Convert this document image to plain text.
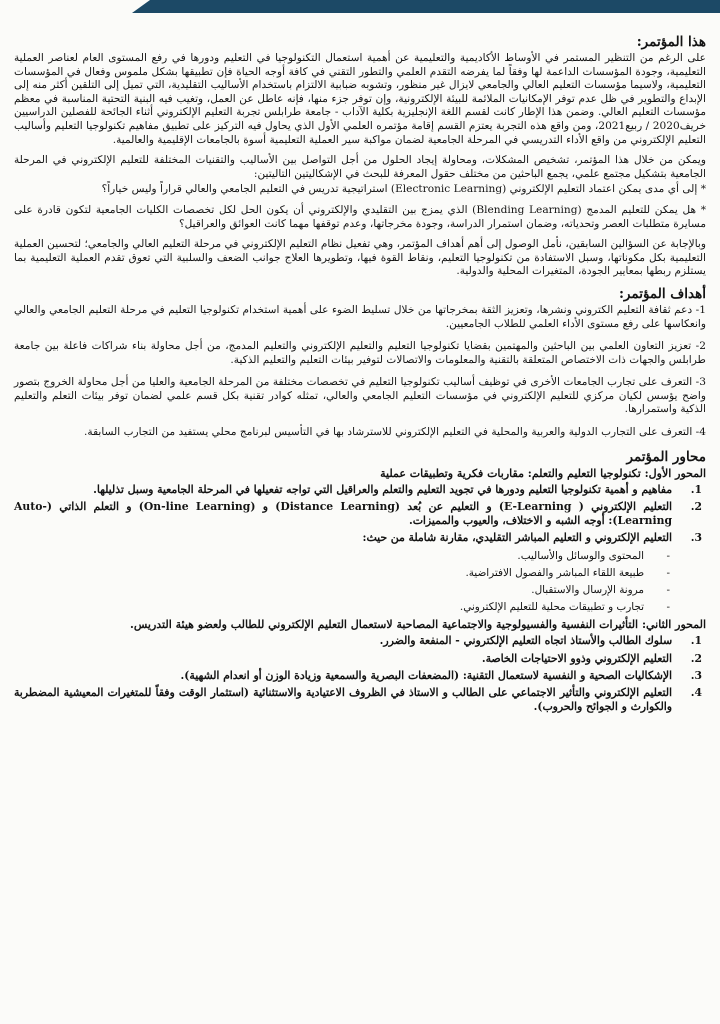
هذا المؤتمر:
على الرغم من التنظير المستمر في الأوساط الأكاديمية والتعليمية عن أهمية استعمال التكنولوجيا في التعليم ودورها في رفع المستوى العام لعناصر العملية التعليمية، وجودة المؤسسات الداعمة لها وفقاً لما يفرضه التقدم العلمي والتطور التقني في كافة أوجه الحياة فإن تطبيقها بشكل ملموس وفعال في المؤسسات التعليمية، ولاسيما مؤسسات التعليم العالي والجامعي لايزال غير منظور، وتشوبه ضبابية الالتزام باستخدام الأساليب التقليدية، التي تميل إلى التلقين أكثر منه إلى الإبداع والتطوير في ظل عدم توفر الإمكانيات الملائمة للبيئة الإلكترونية، وإن توفر جزء منها، فإنه عاطل عن العمل، وتغيب فيه البنية التحتية المناسبة في معظم مؤسسات التعليم العالي. وضمن هذا الإطار كانت لقسم اللغة الإنجليزية بكلية الآداب - جامعة طرابلس تجربة التعليم الإلكتروني أثناء الجائحة للفصلين الدراسيين خريف2020 / ربيع2021، ومن واقع هذه التجربة يعتزم القسم إقامة مؤتمره العلمي الأول الذي يحاول فيه التركيز على تطبيق مفاهيم تكنولوجيا التعليم وأساليب التعليم الإلكتروني من واقع الأداء التدريسي في المرحلة الجامعية لضمان مواكبة سير العملية التعليمية أسوة بالجامعات الإقليمية والعالمية.
ويمكن من خلال هذا المؤتمر، تشخيص المشكلات، ومحاولة إيجاد الحلول من أجل التواصل بين الأساليب والتقنيات المختلفة للتعليم الإلكتروني في المرحلة الجامعية بتشكيل مجتمع علمي، يجمع الباحثين من مختلف حقول المعرفة للبحث في الإشكاليتين التاليتين:
* إلى أي مدى يمكن اعتماد التعليم الإلكتروني (Electronic Learning) استراتيجية تدريس في التعليم الجامعي والعالي قراراً وليس خياراً؟
* هل يمكن للتعليم المدمج (Blending Learning) الذي يمزج بين التقليدي والإلكتروني أن يكون الحل لكل تخصصات الكليات الجامعية لتكون قادرة على مسايرة متطلبات العصر وتحدياته، وضمان استمرار الدراسة، وجودة مخرجاتها، وعدم توقفها مهما كانت العوائق والعراقيل؟
وبالإجابة عن السؤالين السابقين، نأمل الوصول إلى أهم أهداف المؤتمر، وهي تفعيل نظام التعليم الإلكتروني في مرحلة التعليم العالي والجامعي؛ لتحسين العملية التعليمية بكل مكوناتها، وسبل الاستفادة من تكنولوجيا التعليم، ونقاط القوة فيها، وتطويرها العلاج جوانب الضعف والسلبية التي تعوق تقدم العملية التعليمية بما يستلزم ربطها بمعايير الجودة، المتغيرات المحلية والدولية.
أهداف المؤتمر:
1- دعم ثقافة التعليم الكتروني ونشرها، وتعزيز الثقة بمخرجاتها من خلال تسليط الضوء على أهمية استخدام تكنولوجيا التعليم في مرحلة التعليم الجامعي والعالي وانعكاسها على رفع مستوى الأداء العلمي للطلاب الجامعيين.
2- تعزيز التعاون العلمي بين الباحثين والمهتمين بقضايا تكنولوجيا التعليم والتعليم الإلكتروني والتعليم المدمج، من أجل محاولة بناء شراكات فاعلة بين جامعة طرابلس والجهات ذات الاختصاص المتعلقة بالتقنية والمعلومات والاتصالات لتوفير بيئات التعليم والتعليم الذكية.
3- التعرف على تجارب الجامعات الأخرى في توظيف أساليب تكنولوجيا التعليم في تخصصات مختلفة من المرحلة الجامعية والعليا من أجل محاولة الخروج بتصور واضح يؤسس لكيان مركزي للتعليم الإلكتروني في مؤسسات التعليم الجامعي والعالي، تمثله كوادر تقنية بكل قسم علمي لضمان توفر بيئات التعلم والتعليم الذكية واستمرارها.
4- التعرف على التجارب الدولية والعربية والمحلية في التعليم الإلكتروني للاسترشاد بها في التأسيس لبرنامج محلي يستفيد من التجارب السابقة.
محاور المؤتمر
المحور الأول: تكنولوجيا التعليم والتعلم: مقاربات فكرية وتطبيقات عملية
1.
مفاهيم و أهمية تكنولوجيا التعليم ودورها في تجويد التعليم والتعلم والعراقيل التي تواجه تفعيلها في المرحلة الجامعية وسبل تذليلها.
2.
التعليم الإلكتروني ( E-Learning) و التعليم عن بُعد (Distance Learning) و (On-line Learning) و التعلم الذاتي (Auto- Learning): أوجه الشبه و الاختلاف، والعيوب والمميزات.
3.
التعليم الإلكتروني و التعليم المباشر التقليدي، مقارنة شاملة من حيث:
-
المحتوى والوسائل والأساليب.
-
طبيعة اللقاء المباشر والفصول الافتراضية.
-
مرونة الإرسال والاستقبال.
-
تجارب و تطبيقات محلية للتعليم الإلكتروني.
المحور الثاني: التأثيرات النفسية والفسيولوجية والاجتماعية المصاحبة لاستعمال التعليم الإلكتروني للطالب ولعضو هيئة التدريس.
1.
سلوك الطالب والأستاذ اتجاه التعليم الإلكتروني - المنفعة والضرر.
2.
التعليم الإلكتروني وذوو الاحتياجات الخاصة.
3.
الإشكاليات الصحية و النفسية لاستعمال التقنية: (المضعفات البصرية والسمعية وزيادة الوزن أو انعدام الشهية).
4.
التعليم الإلكتروني والتأثير الاجتماعي على الطالب و الاستاذ في الظروف الاعتيادية والاستثنائية (استثمار الوقت وفقاً للمتغيرات المعيشية المضطربة والكوارث و الجوائح والحروب).
